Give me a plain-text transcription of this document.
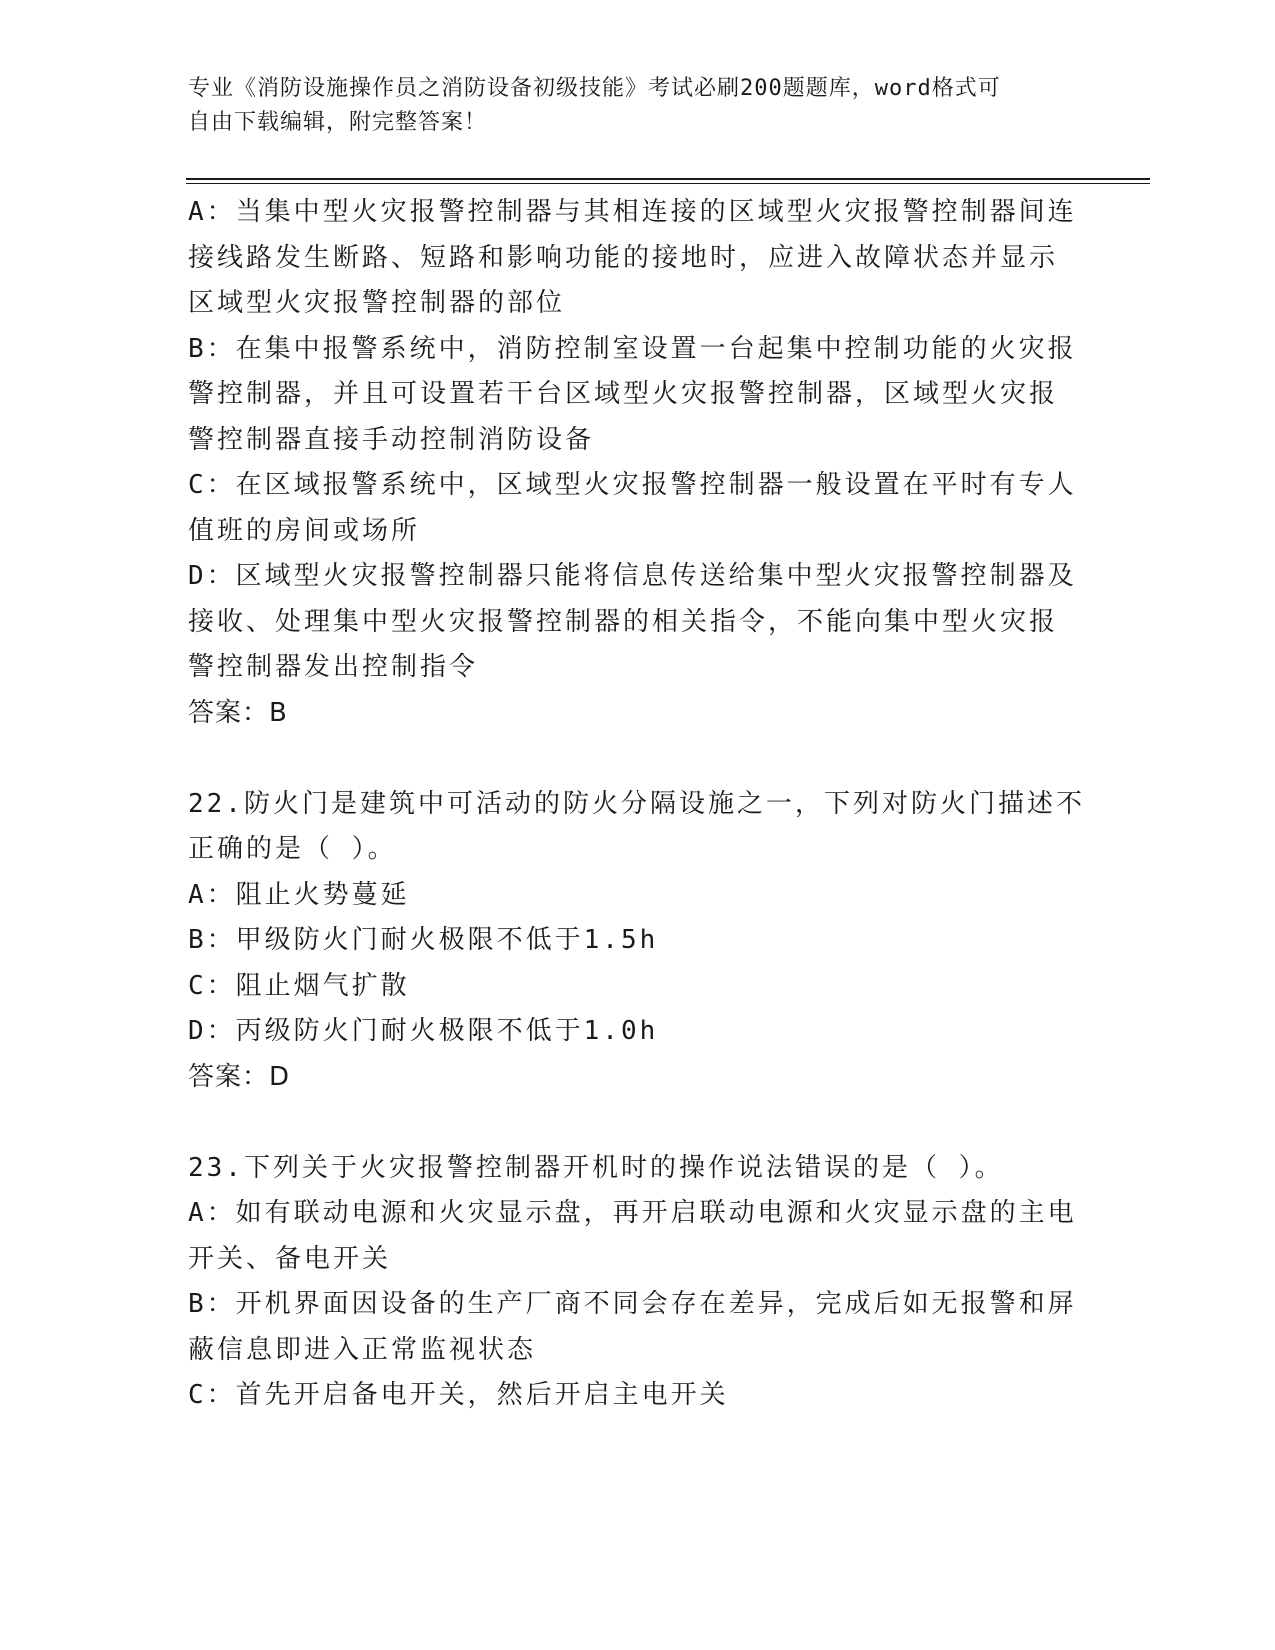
专业《消防设施操作员之消防设备初级技能》考试必刷200题题库，word格式可
自由下载编辑，附完整答案！
A：当集中型火灾报警控制器与其相连接的区域型火灾报警控制器间连
接线路发生断路、短路和影响功能的接地时，应进入故障状态并显示
区域型火灾报警控制器的部位
B：在集中报警系统中，消防控制室设置一台起集中控制功能的火灾报
警控制器，并且可设置若干台区域型火灾报警控制器，区域型火灾报
警控制器直接手动控制消防设备
C：在区域报警系统中，区域型火灾报警控制器一般设置在平时有专人
值班的房间或场所
D：区域型火灾报警控制器只能将信息传送给集中型火灾报警控制器及
接收、处理集中型火灾报警控制器的相关指令，不能向集中型火灾报
警控制器发出控制指令
答案：B
22.防火门是建筑中可活动的防火分隔设施之一，下列对防火门描述不
正确的是（ ）。
A：阻止火势蔓延
B：甲级防火门耐火极限不低于1.5h
C：阻止烟气扩散
D：丙级防火门耐火极限不低于1.0h
答案：D
23.下列关于火灾报警控制器开机时的操作说法错误的是（ ）。
A：如有联动电源和火灾显示盘，再开启联动电源和火灾显示盘的主电
开关、备电开关
B：开机界面因设备的生产厂商不同会存在差异，完成后如无报警和屏
蔽信息即进入正常监视状态
C：首先开启备电开关，然后开启主电开关
